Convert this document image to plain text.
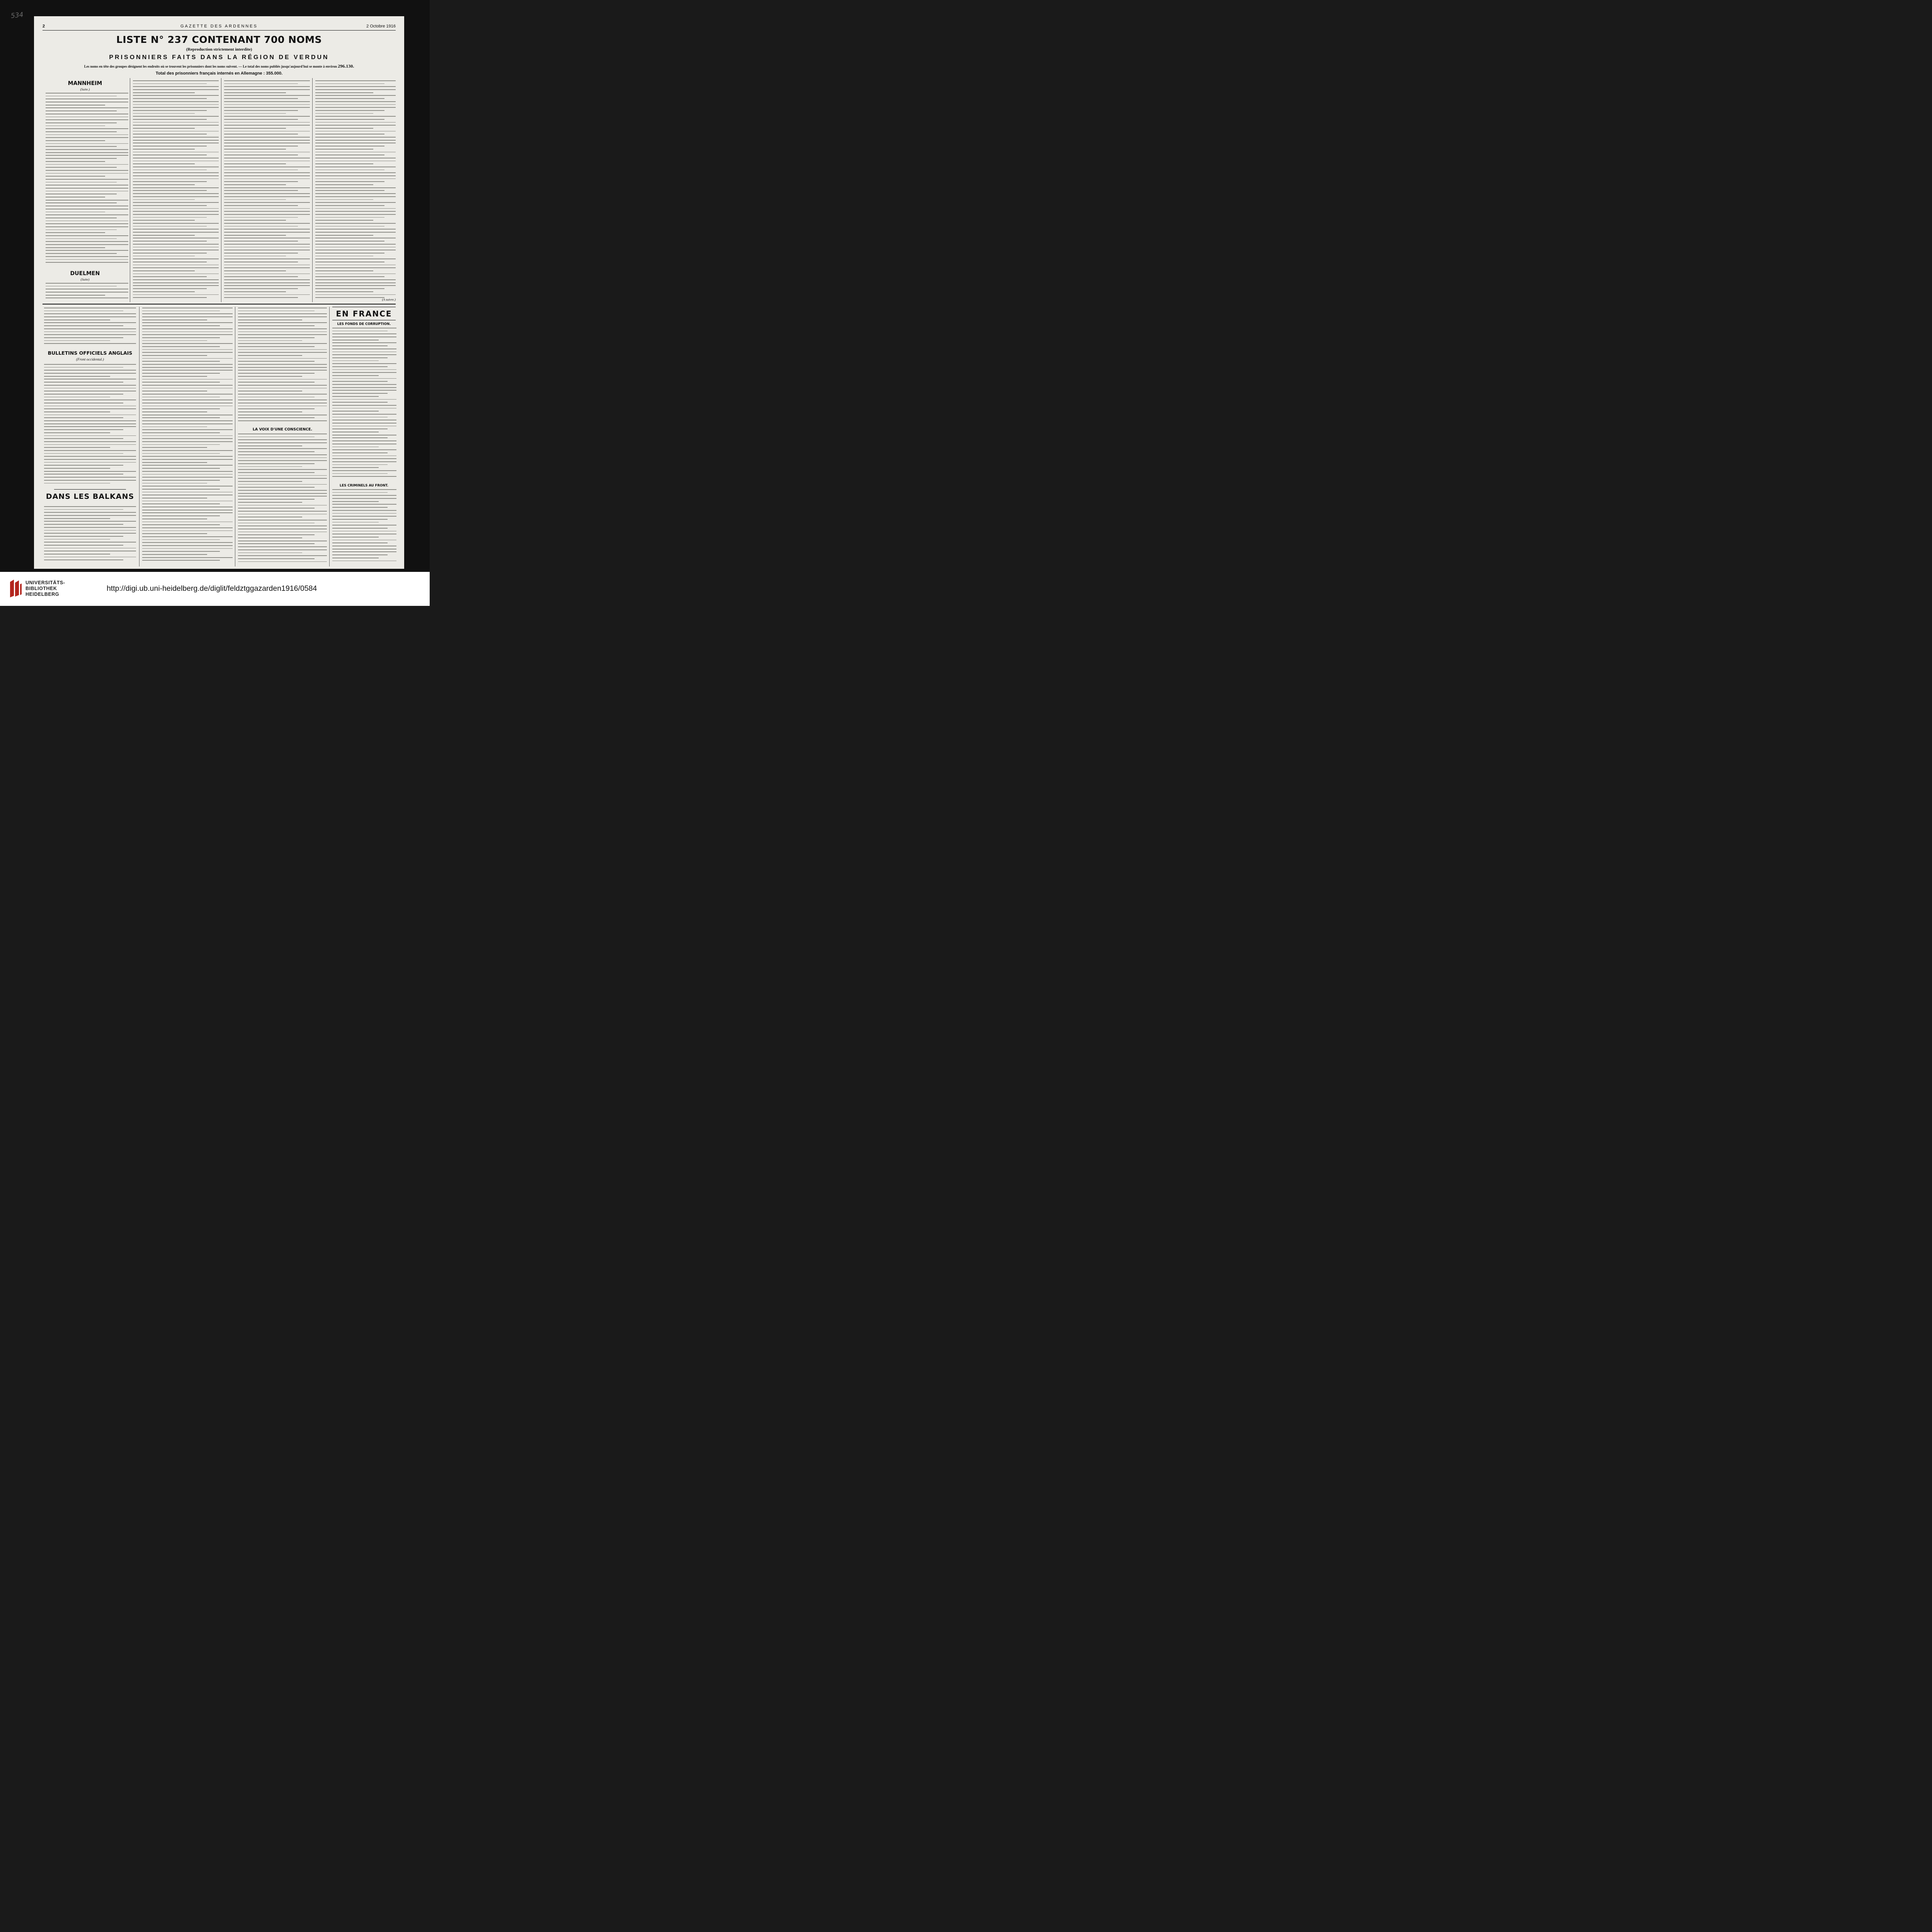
534
2	GAZETTE DES ARDENNES	2 Octobre 1916
LISTE N° 237 CONTENANT 700 NOMS
(Reproduction strictement interdite)
PRISONNIERS FAITS DANS LA RÉGION DE VERDUN
Les noms en tête des groupes désignent les endroits où se trouvent les prisonniers dont les noms suivent. — Le total des noms publiés jusqu'aujourd'hui se monte à environ 296.130.
Total des prisonniers français internés en Allemagne : 355.000.
MANNHEIM
(Suite.)
DUELMEN
(Suite)
(A suivre.)
BULLETINS OFFICIELS ANGLAIS
(Front occidental.)
DANS LES BALKANS
LA VOIX D'UNE CONSCIENCE.
EN FRANCE
LES FONDS DE CORRUPTION.
LES CRIMINELS AU FRONT.
UNIVERSITÄTS-
BIBLIOTHEK
HEIDELBERG
http://digi.ub.uni-heidelberg.de/diglit/feldztggazarden1916/0584
